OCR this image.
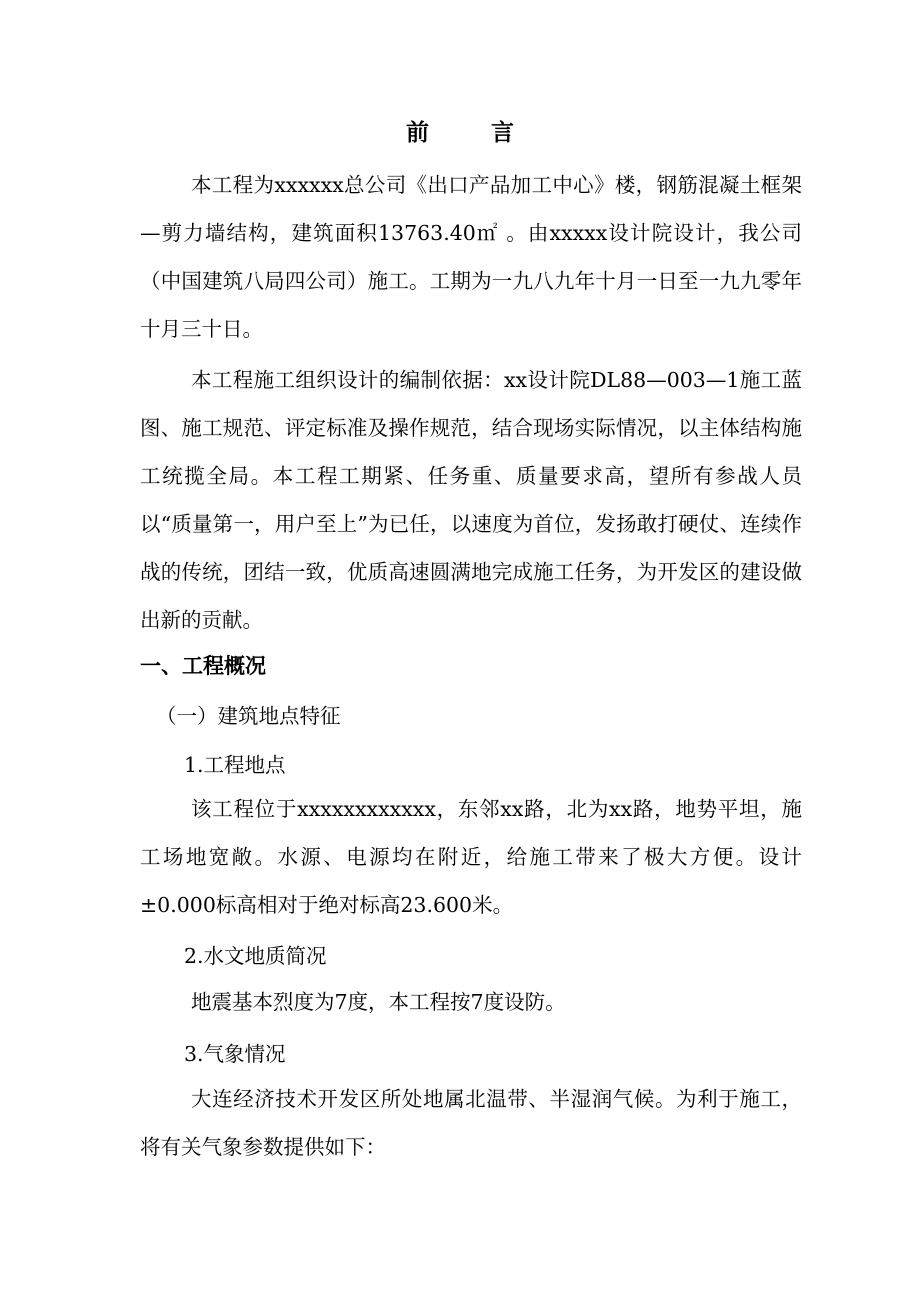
前	言

本工程为xxxxxx总公司《出口产品加工中心》楼，钢筋混凝土框架—剪力墙结构，建筑面积13763.40㎡ 。由xxxxx设计院设计，我公司（中国建筑八局四公司）施工。工期为一九八九年十月一日至一九九零年十月三十日。

本工程施工组织设计的编制依据：xx设计院DL88—003—1施工蓝图、施工规范、评定标准及操作规范，结合现场实际情况，以主体结构施工统揽全局。本工程工期紧、任务重、质量要求高，望所有参战人员以“质量第一，用户至上”为已任，以速度为首位，发扬敢打硬仗、连续作战的传统，团结一致，优质高速圆满地完成施工任务，为开发区的建设做出新的贡献。

一、工程概况

（一）建筑地点特征

1.工程地点

该工程位于xxxxxxxxxxxx，东邻xx路，北为xx路，地势平坦，施工场地宽敞。水源、电源均在附近，给施工带来了极大方便。设计±0.000标高相对于绝对标高23.600米。

2.水文地质简况

地震基本烈度为7度，本工程按7度设防。

3.气象情况

大连经济技术开发区所处地属北温带、半湿润气候。为利于施工，将有关气象参数提供如下：
